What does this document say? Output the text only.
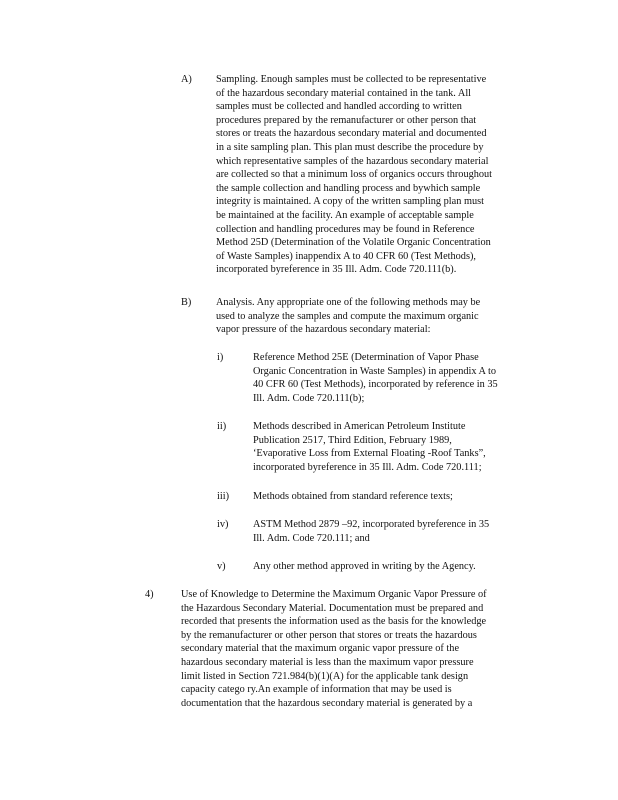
A) Sampling. Enough samples must be collected to be representative
of the hazardous secondary material contained in the tank. All
samples must be collected and handled according to written
procedures prepared by the remanufacturer or other person that
stores or treats the hazardous secondary material and documented
in a site sampling plan. This plan must describe the procedure by
which representative samples of the hazardous secondary material
are collected so that a minimum loss of organics occurs throughout
the sample collection and handling process and bywhich sample
integrity is maintained. A copy of the written sampling plan must
be maintained at the facility. An example of acceptable sample
collection and handling procedures may be found in Reference
Method 25D (Determination of the Volatile Organic Concentration
of Waste Samples) inappendix A to 40 CFR 60 (Test Methods),
incorporated byreference in 35 Ill. Adm. Code 720.111(b).
B) Analysis. Any appropriate one of the following methods may be
used to analyze the samples and compute the maximum organic
vapor pressure of the hazardous secondary material:
i)	Reference Method 25E (Determination of Vapor Phase
Organic Concentration in Waste Samples) in appendix A to
40 CFR 60 (Test Methods), incorporated by reference in 35
Ill. Adm. Code 720.111(b);
ii)	Methods described in American Petroleum Institute
Publication 2517, Third Edition, February 1989,
‘Evaporative Loss from External Floating -Roof Tanks”,
incorporated byreference in 35 Ill. Adm. Code 720.111;
iii) Methods obtained from standard reference texts;
iv) ASTM Method 2879 –92, incorporated byreference in 35
Ill. Adm. Code 720.111; and
v)	Any other method approved in writing by the Agency.
4)	Use of Knowledge to Determine the Maximum Organic Vapor Pressure of
the Hazardous Secondary Material. Documentation must be prepared and
recorded that presents the information used as the basis for the knowledge
by the remanufacturer or other person that stores or treats the hazardous
secondary material that the maximum organic vapor pressure of the
hazardous secondary material is less than the maximum vapor pressure
limit listed in Section 721.984(b)(1)(A) for the applicable tank design
capacity catego ry.An example of information that may be used is
documentation that the hazardous secondary material is generated by a
